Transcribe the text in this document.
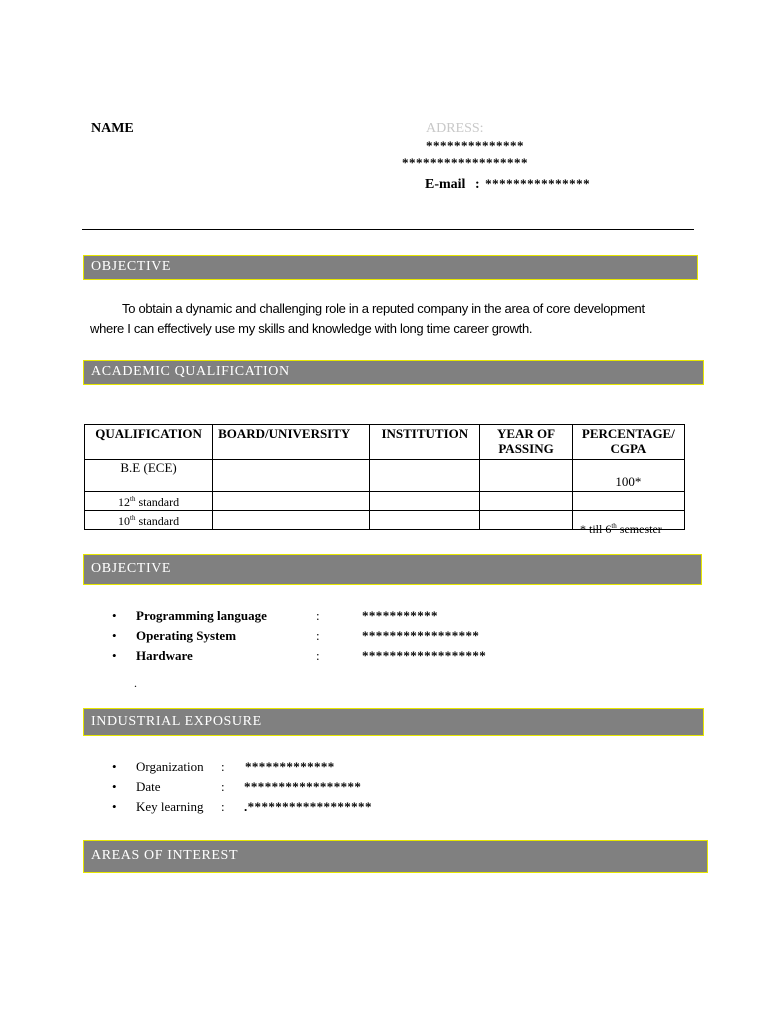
NAME	ADRESS:
**************
******************
E-mail : ***************
OBJECTIVE
To obtain a dynamic and challenging role in a reputed company in the area of core development
where I can effectively use my skills and knowledge with long time career growth.
ACADEMIC QUALIFICATION
QUALIFICATION	BOARD/UNIVERSITY	INSTITUTION	YEAR OF PASSING	PERCENTAGE/ CGPA

B.E (ECE)				100*
12th standard				
10th standard				
* till 6th semester
OBJECTIVE
• Programming language	:	***********
• Operating System	:	*****************
• Hardware	:	******************
.
INDUSTRIAL EXPOSURE
• Organization : *************
• Date	: *****************
• Key learning : .******************
AREAS OF INTEREST
